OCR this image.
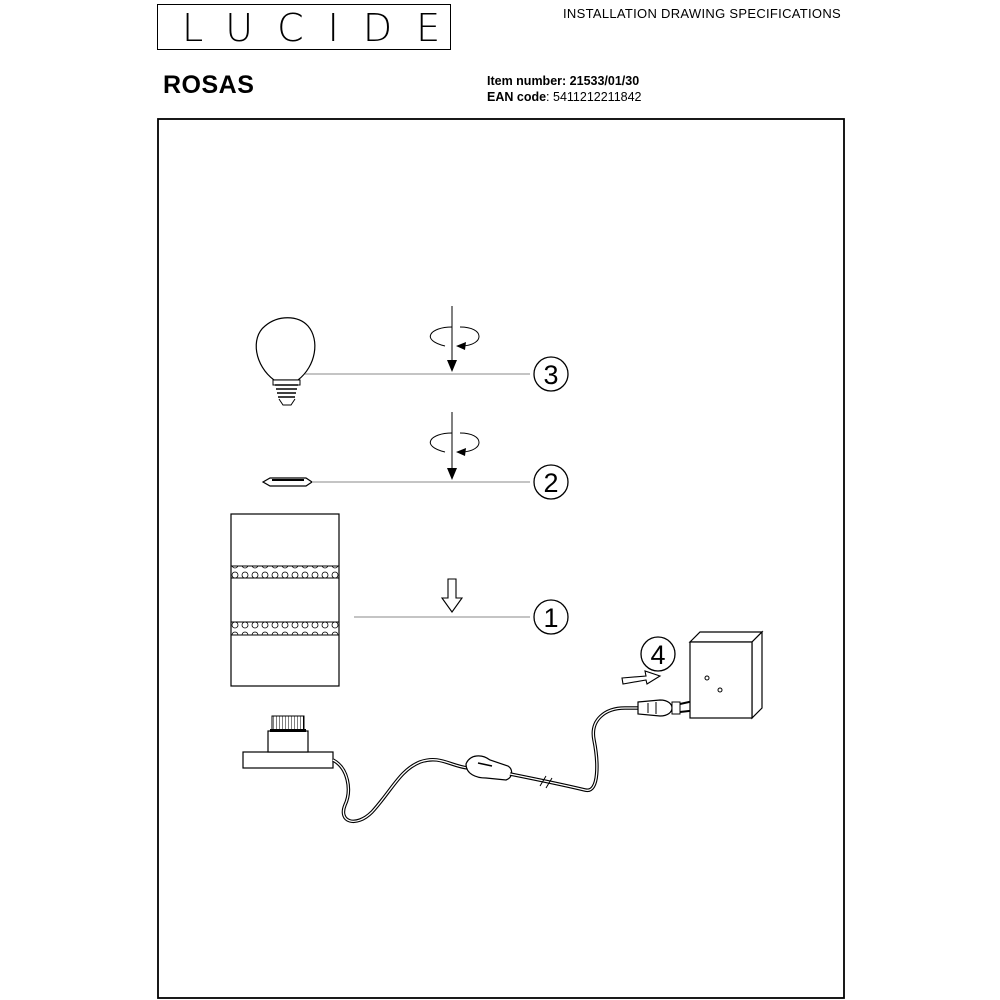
LUCIDE	INSTALLATION DRAWING SPECIFICATIONS
ROSAS	Item number: 21533/01/30
EAN code: 5411212211842
3
2
1
4
